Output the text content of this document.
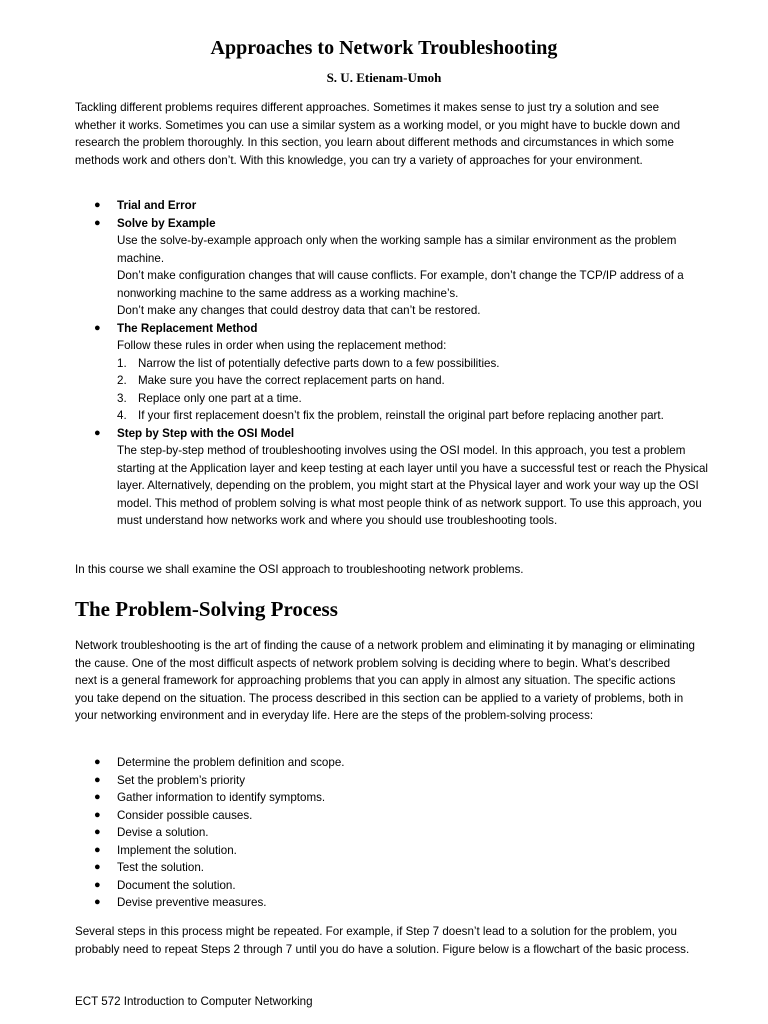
Approaches to Network Troubleshooting
S. U. Etienam-Umoh

Tackling different problems requires different approaches. Sometimes it makes sense to just try a solution and see whether it works. Sometimes you can use a similar system as a working model, or you might have to buckle down and research the problem thoroughly. In this section, you learn about different methods and circumstances in which some methods work and others don’t. With this knowledge, you can try a variety of approaches for your environment.

● Trial and Error
● Solve by Example
Use the solve-by-example approach only when the working sample has a similar environment as the problem machine.
Don’t make configuration changes that will cause conflicts. For example, don’t change the TCP/IP address of a nonworking machine to the same address as a working machine’s.
Don’t make any changes that could destroy data that can’t be restored.
● The Replacement Method
Follow these rules in order when using the replacement method:
1. Narrow the list of potentially defective parts down to a few possibilities.
2. Make sure you have the correct replacement parts on hand.
3. Replace only one part at a time.
4. If your first replacement doesn’t fix the problem, reinstall the original part before replacing another part.
● Step by Step with the OSI Model
The step-by-step method of troubleshooting involves using the OSI model. In this approach, you test a problem starting at the Application layer and keep testing at each layer until you have a successful test or reach the Physical layer. Alternatively, depending on the problem, you might start at the Physical layer and work your way up the OSI model. This method of problem solving is what most people think of as network support. To use this approach, you must understand how networks work and where you should use troubleshooting tools.

In this course we shall examine the OSI approach to troubleshooting network problems.

The Problem-Solving Process

Network troubleshooting is the art of finding the cause of a network problem and eliminating it by managing or eliminating the cause. One of the most difficult aspects of network problem solving is deciding where to begin. What’s described next is a general framework for approaching problems that you can apply in almost any situation. The specific actions you take depend on the situation. The process described in this section can be applied to a variety of problems, both in your networking environment and in everyday life. Here are the steps of the problem-solving process:

● Determine the problem definition and scope.
● Set the problem’s priority
● Gather information to identify symptoms.
● Consider possible causes.
● Devise a solution.
● Implement the solution.
● Test the solution.
● Document the solution.
● Devise preventive measures.

Several steps in this process might be repeated. For example, if Step 7 doesn’t lead to a solution for the problem, you probably need to repeat Steps 2 through 7 until you do have a solution. Figure below is a flowchart of the basic process.

ECT 572 Introduction to Computer Networking
